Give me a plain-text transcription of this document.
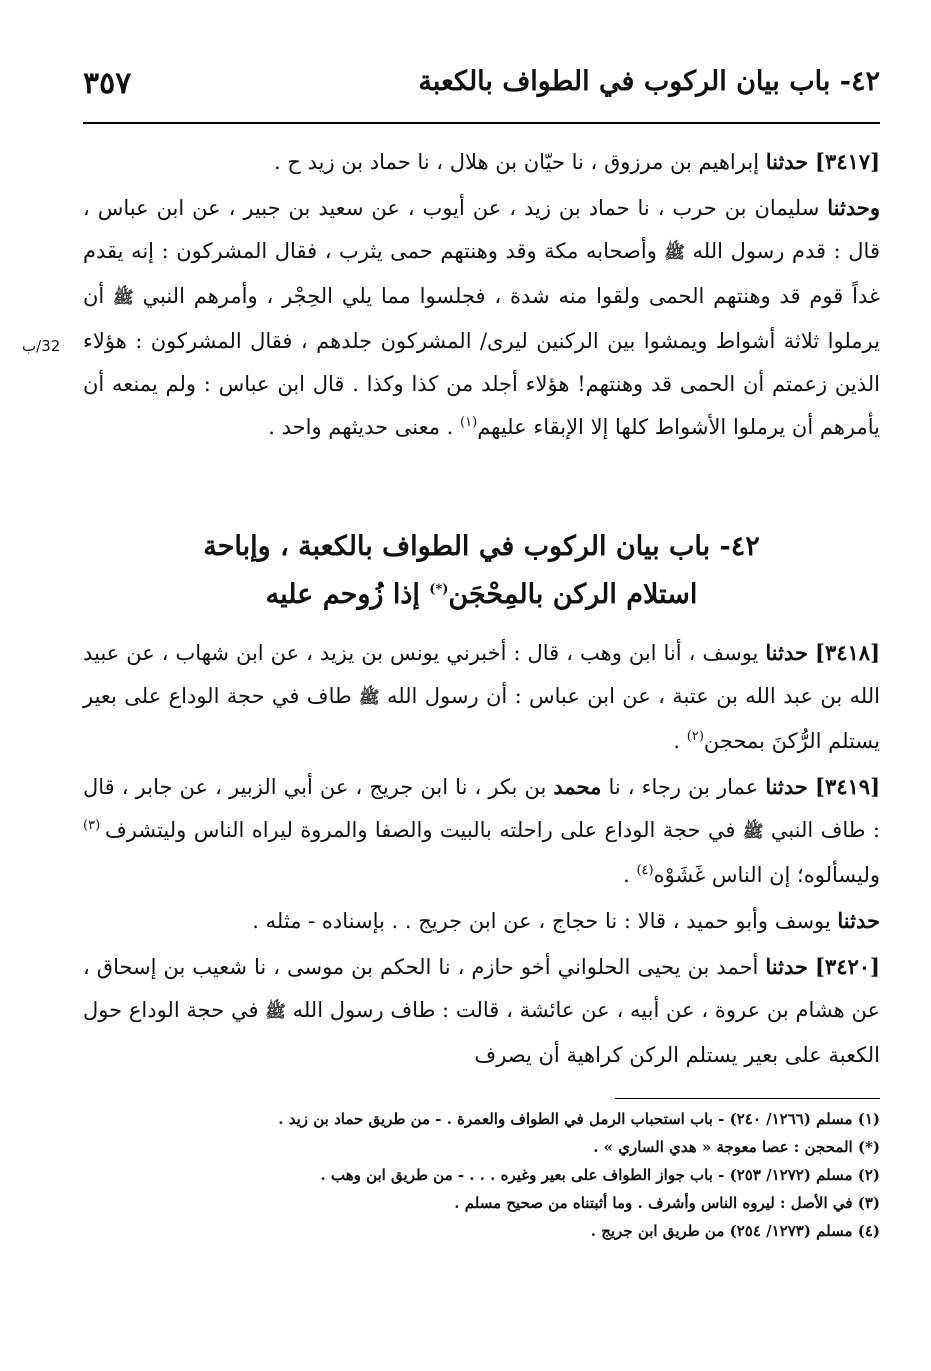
٤٢- باب بيان الركوب في الطواف بالكعبة
٣٥٧
32/ب

[٣٤١٧] حدثنا إبراهيم بن مرزوق ، نا حيّان بن هلال ، نا حماد بن زيد ح .

وحدثنا سليمان بن حرب ، نا حماد بن زيد ، عن أيوب ، عن سعيد بن جبير ، عن ابن عباس ، قال : قدم رسول الله ﷺ وأصحابه مكة وقد وهنتهم حمى يثرب ، فقال المشركون : إنه يقدم غداً قوم قد وهنتهم الحمى ولقوا منه شدة ، فجلسوا مما يلي الحِجْر ، وأمرهم النبي ﷺ أن يرملوا ثلاثة أشواط ويمشوا بين الركنين ليرى/ المشركون جلدهم ، فقال المشركون : هؤلاء الذين زعمتم أن الحمى قد وهنتهم! هؤلاء أجلد من كذا وكذا . قال ابن عباس : ولم يمنعه أن يأمرهم أن يرملوا الأشواط كلها إلا الإبقاء عليهم$^{(١)}$ . معنى حديثهم واحد .

٤٢- باب بيان الركوب في الطواف بالكعبة ، وإباحة
استلام الركن بالمِحْجَن(*) إذا زُوحم عليه

[٣٤١٨] حدثنا يوسف ، أنا ابن وهب ، قال : أخبرني يونس بن يزيد ، عن ابن شهاب ، عن عبيد الله بن عبد الله بن عتبة ، عن ابن عباس : أن رسول الله ﷺ طاف في حجة الوداع على بعير يستلم الرُّكنَ بمحجن$^{(٢)}$ .

[٣٤١٩] حدثنا عمار بن رجاء ، نا محمد بن بكر ، نا ابن جريج ، عن أبي الزبير ، عن جابر ، قال : طاف النبي ﷺ في حجة الوداع على راحلته بالبيت والصفا والمروة ليراه الناس وليتشرف $^{(٣)}$ وليسألوه؛ إن الناس غَشَوْه$^{(٤)}$ .

حدثنا يوسف وأبو حميد ، قالا : نا حجاج ، عن ابن جريج . . بإسناده - مثله .

[٣٤٢٠] حدثنا أحمد بن يحيى الحلواني أخو حازم ، نا الحكم بن موسى ، نا شعيب بن إسحاق ، عن هشام بن عروة ، عن أبيه ، عن عائشة ، قالت : طاف رسول الله ﷺ في حجة الوداع حول الكعبة على بعير يستلم الركن كراهية أن يصرف

(١) مسلم (١٢٦٦/ ٢٤٠) - باب استحباب الرمل في الطواف والعمرة . - من طريق حماد بن زيد .
(*) المحجن : عصا معوجة « هدي الساري » .
(٢) مسلم (١٢٧٢/ ٢٥٣) - باب جواز الطواف على بعير وغيره . . . - من طريق ابن وهب .
(٣) في الأصل : ليروه الناس وأشرف . وما أثبتناه من صحيح مسلم .
(٤) مسلم (١٢٧٣/ ٢٥٤) من طريق ابن جريج .
